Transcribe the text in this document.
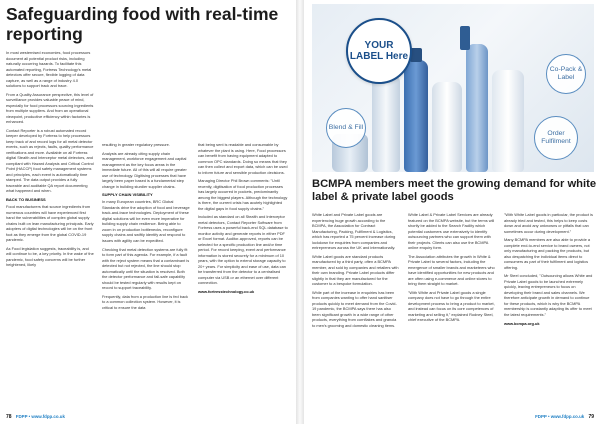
Safeguarding food with real-time reporting

In most westernised economies, food processors document all potential product risks, including naturally occurring hazards. To facilitate this automated reporting, Fortress Technology's metal detectors offer secure, flexible logging of data capture, as well as a range of industry 4.0 solutions to support track and trace.

From a Quality Assurance perspective, this level of surveillance provides valuable peace of mind, especially for food processors sourcing ingredients from multiple suppliers. And from an operational viewpoint, productive efficiency within factories is enhanced.

Contact Reporter is a robust automated record keeper developed by Fortress to help processors keep track of and record logs for all metal detector events, such as rejects, faults, quality performance verifications and more. Available on all Fortress digital Stealth and Interceptor metal detectors, and compliant with Hazard Analysis and Critical Control Point (HACCP) food safety management systems and principles, each event is automatically time stamped. The data output provides a fully traceable and auditable QA report documenting what happened and when.

BACK TO BUSINESS

Food manufacturers that source ingredients from numerous countries will have experienced first hand the vulnerabilities of complex global supply chains built on lean manufacturing principals. Early adopters of digital technologies will be on the front foot as they emerge from the global COVID-19 pandemic.

As Food legislation suggests, traceability is, and will continue to be, a key priority. In the wake of the pandemic, food safety concerns will be further heightened, likely

resulting in greater regulatory pressure.

Analysts are already citing supply chain management, workforce engagement and capital management as the key focus areas in the immediate future. All of this will all require greater use of technology. Digitising processes that have largely been paper based is a fundamental step change in building sturdier supplier chains.

SUPPLY CHAIN VISIBILITY

In many European countries, BRC Global Standards drive the adoption of food and beverage track-and-trace technologies. Deployment of these digital solutions will be even more imperative for building supply chain resilience. Being able to zoom in on production bottlenecks, reconfigure supply chains and swiftly identify and respond to issues with agility can be expedited.

Checking that metal detection systems are fully fit to form part of this agenda. For example, if a fault with the reject system means that a contaminant is detected but not rejected, the line should stop automatically until the situation is resolved. Both the detector performance and fail-safe capability should be tested regularly with results kept on record to support traceability.

Frequently, data from a production line is fed back to a common collection system. However, it is critical to ensure the data

that being sent is readable and consumable by whatever the plant is using. Here, Food processors can benefit from having equipment adapted to common OPC standards. Doing so means that they can then collect and export data, which can be used to inform future and sensible production decisions.

Managing Director Phil Brown comments: "Until recently, digitisation of food production processes has largely occurred in pockets, predominantly among the biggest players. Although the technology is there, the current crisis has acutely highlighted the digital gaps in food supply chains."

Included as standard on all Stealth and Interceptor metal detectors, Contact Reporter Software from Fortress uses a powerful back-end SQL database to monitor activity and generate reports in either PDF or Excel format. Auditor-approved, reports can be selected for a specific production line and/or time period. For record keeping, event and performance information is stored securely for a minimum of 10 years, with the option to extend storage capacity to 20+ years. For simplicity and ease of use, data can be transferred from the detector to a centralised computer via USB or an ethernet over different connection.

www.fortresstechnology.co.uk
78 FDPP • www.fdpp.co.uk
YOUR LABEL Here
Blend & Fill
Co-Pack & Label
Order Fulfilment
BCMPA members meet the growing demand for white label & private label goods

White Label and Private Label goods are experiencing huge growth according to the BCMPA, the Association for Contract Manufacturing, Packing, Fulfilment & Logistics, which has reported a 75 percent increase during lockdown for enquiries from companies and entrepreneurs across the UK and internationally.

White Label goods are standard products manufactured by a third party, often a BCMPA member, and sold by companies and retailers with their own branding. Private Label products differ slightly in that they are manufactured for the customer to a bespoke formulation.

While part of the increase in enquiries has been from companies wanting to offer hand sanitiser products quickly to meet demand from the Covid-19 pandemic, the BCMPA says there has also been significant growth in a wide range of other products, everything from cornflakes and granola to men's grooming and domestic cleaning items.

White Label & Private Label Services are already featured on the BCMPA website, but the terms will shortly be added to the Search Facility which potential customers use extensively to identify outsourcing partners who can support them with their projects. Clients can also use the BCMPA online enquiry form.

The Association attributes the growth in White & Private Label to several factors, including the emergence of smaller brands and marketeers who have identified opportunities for new products and are often using e-commerce and online stores to bring them straight to market.

"With White and Private Label goods a single company does not have to go through the entire development process to bring a product to market, and instead can focus on its core competences of marketing and selling it," explained Rodney Steel, chief executive of the BCMPA.

"With White Label goods in particular, the product is already tried and tested, this helps to keep costs down and avoid any unknowns or pitfalls that can sometimes occur during development."

Many BCMPA members are also able to provide a complete end-to-end service to brand owners, not only manufacturing and packing the products, but also despatching the individual items direct to consumers as part of their fulfilment and logistics offering.

Mr Steel concluded, "Outsourcing allows White and Private Label goods to be launched extremely quickly, leaving entrepreneurs to focus on developing their brand and sales channels. We therefore anticipate growth in demand to continue for these products, which is why the BCMPA membership is constantly adapting its offer to meet the latest requirements."

www.bcmpa.org.uk
FDPP • www.fdpp.co.uk 79
